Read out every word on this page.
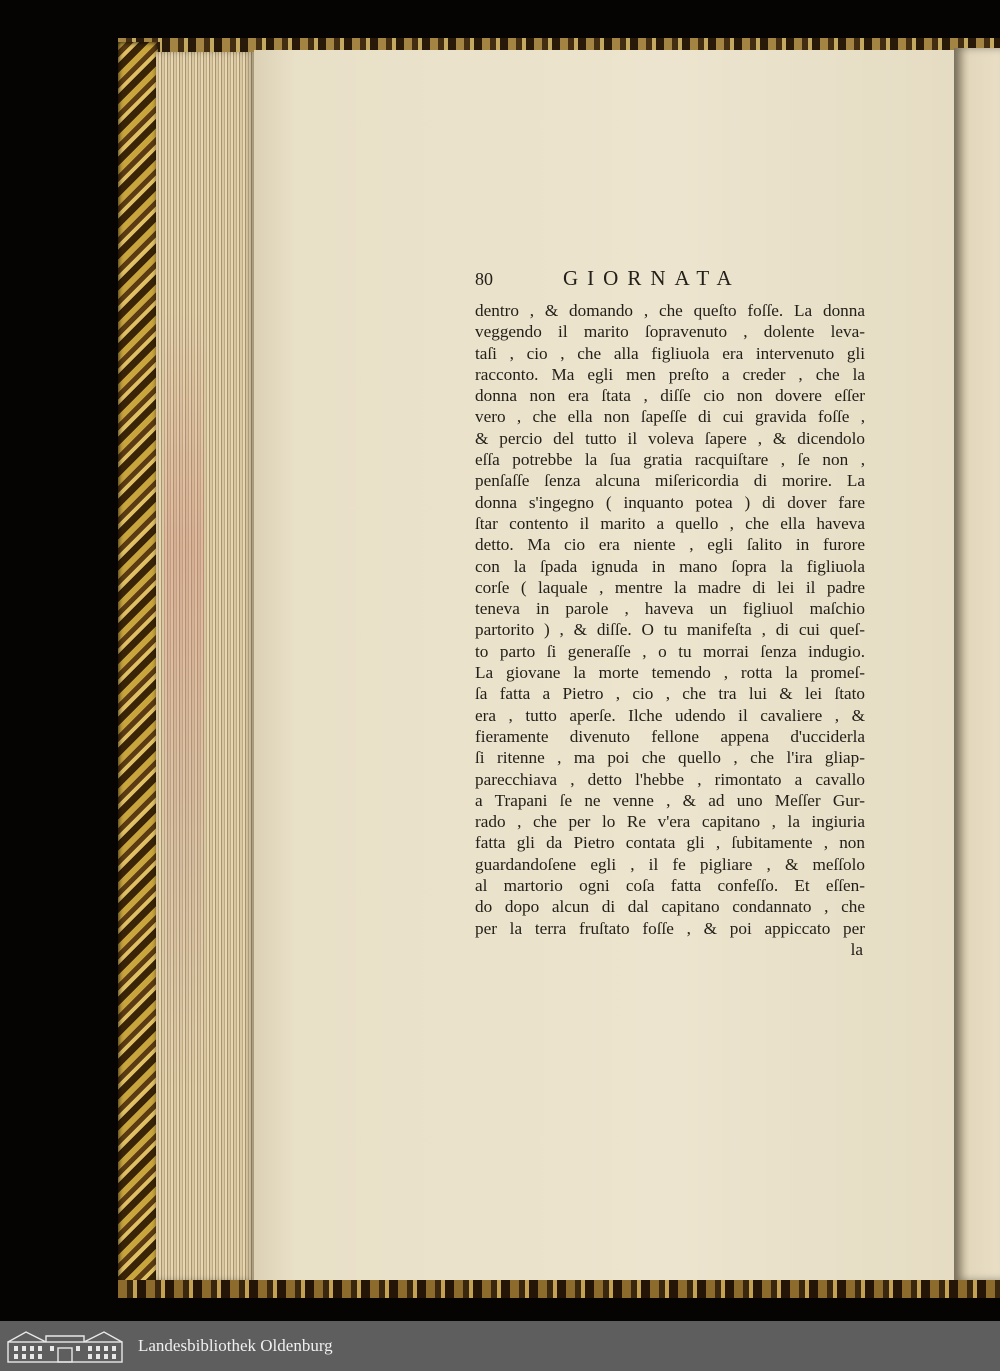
80	GIORNATA
dentro , & domando , che queſto foſſe. La donna
veggendo il marito ſopravenuto , dolente leva-
taſi , cio , che alla figliuola era intervenuto gli
racconto. Ma egli men preſto a creder , che la
donna non era ſtata , diſſe cio non dovere eſſer
vero , che ella non ſapeſſe di cui gravida foſſe ,
& percio del tutto il voleva ſapere , & dicendolo
eſſa potrebbe la ſua gratia racquiſtare , ſe non ,
penſaſſe ſenza alcuna miſericordia di morire. La
donna s'ingegno ( inquanto potea ) di dover fare
ſtar contento il marito a quello , che ella haveva
detto. Ma cio era niente , egli ſalito in furore
con la ſpada ignuda in mano ſopra la figliuola
corſe ( laquale , mentre la madre di lei il padre
teneva in parole , haveva un figliuol maſchio
partorito ) , & diſſe. O tu manifeſta , di cui queſ-
to parto ſi generaſſe , o tu morrai ſenza indugio.
La giovane la morte temendo , rotta la promeſ-
ſa fatta a Pietro , cio , che tra lui & lei ſtato
era , tutto aperſe. Ilche udendo il cavaliere , &
fieramente divenuto fellone appena d'ucciderla
ſi ritenne , ma poi che quello , che l'ira gliap-
parecchiava , detto l'hebbe , rimontato a cavallo
a Trapani ſe ne venne , & ad uno Meſſer Gur-
rado , che per lo Re v'era capitano , la ingiuria
fatta gli da Pietro contata gli , ſubitamente , non
guardandoſene egli , il fe pigliare , & meſſolo
al martorio ogni coſa fatta confeſſo. Et eſſen-
do dopo alcun di dal capitano condannato , che
per la terra fruſtato foſſe , & poi appiccato per
la
Landesbibliothek Oldenburg
